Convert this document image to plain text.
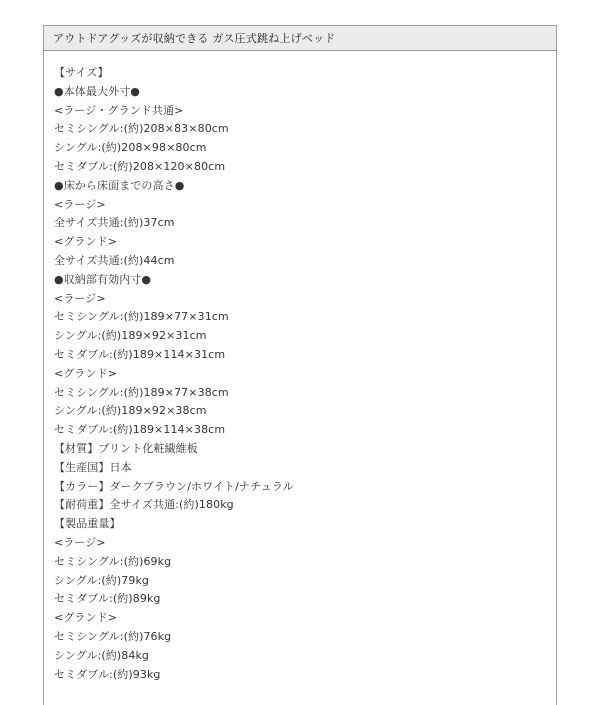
アウトドアグッズが収納できる ガス圧式跳ね上げベッド
【サイズ】
●本体最大外寸●
<ラージ・グランド共通>
セミシングル:(約)208×83×80cm
シングル:(約)208×98×80cm
セミダブル:(約)208×120×80cm
●床から床面までの高さ●
<ラージ>
全サイズ共通:(約)37cm
<グランド>
全サイズ共通:(約)44cm
●収納部有効内寸●
<ラージ>
セミシングル:(約)189×77×31cm
シングル:(約)189×92×31cm
セミダブル:(約)189×114×31cm
<グランド>
セミシングル:(約)189×77×38cm
シングル:(約)189×92×38cm
セミダブル:(約)189×114×38cm
【材質】プリント化粧繊維板
【生産国】日本
【カラー】ダークブラウン/ホワイト/ナチュラル
【耐荷重】全サイズ共通:(約)180kg
【製品重量】
<ラージ>
セミシングル:(約)69kg
シングル:(約)79kg
セミダブル:(約)89kg
<グランド>
セミシングル:(約)76kg
シングル:(約)84kg
セミダブル:(約)93kg
